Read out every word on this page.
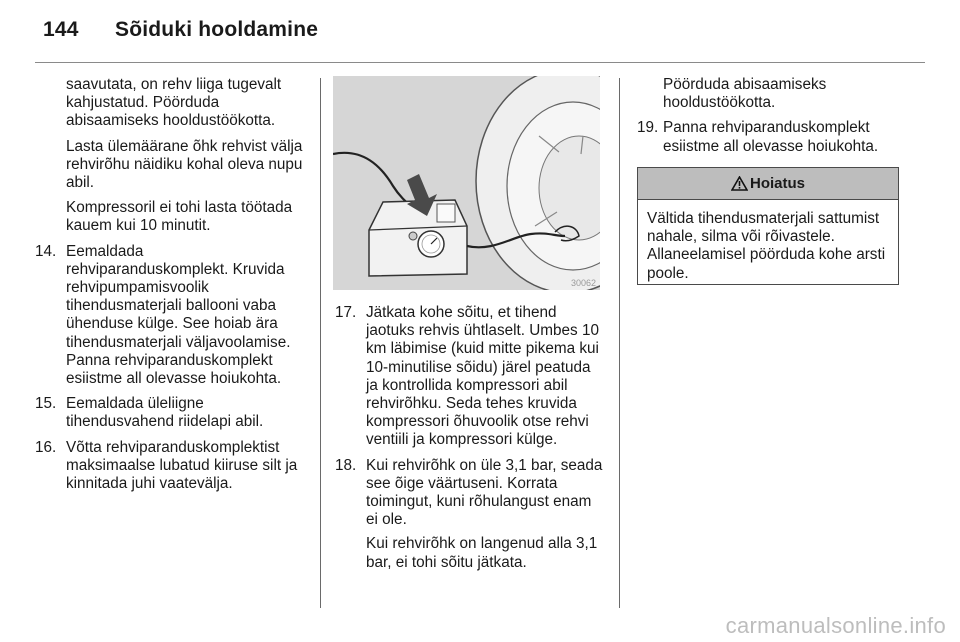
144 Sõiduki hooldamine

saavutata, on rehv liiga tugevalt kahjustatud. Pöörduda abisaamiseks hooldustöökotta.

Lasta ülemäärane õhk rehvist välja rehvirõhu näidiku kohal oleva nupu abil.

Kompressoril ei tohi lasta töötada kauem kui 10 minutit.

14. Eemaldada rehviparanduskomplekt. Kruvida rehvipumpamisvoolik tihendusmaterjali ballooni vaba ühenduse külge. See hoiab ära tihendusmaterjali väljavoolamise. Panna rehviparanduskomplekt esiistme all olevasse hoiukohta.

15. Eemaldada üleliigne tihendusvahend riidelapi abil.

16. Võtta rehviparanduskomplektist maksimaalse lubatud kiiruse silt ja kinnitada juhi vaatevälja.

30062
17. Jätkata kohe sõitu, et tihend jaotuks rehvis ühtlaselt. Umbes 10 km läbimise (kuid mitte pikema kui 10-minutilise sõidu) järel peatuda ja kontrollida kompressori abil rehvirõhku. Seda tehes kruvida kompressori õhuvoolik otse rehvi ventiili ja kompressori külge.

18. Kui rehvirõhk on üle 3,1 bar, seada see õige väärtuseni. Korrata toimingut, kuni rõhulangust enam ei ole.

Kui rehvirõhk on langenud alla 3,1 bar, ei tohi sõitu jätkata.

Pöörduda abisaamiseks hooldustöökotta.

19. Panna rehviparanduskomplekt esiistme all olevasse hoiukohta.

Hoiatus
Vältida tihendusmaterjali sattumist nahale, silma või rõivastele. Allaneelamisel pöörduda kohe arsti poole.
carmanualsonline.info
